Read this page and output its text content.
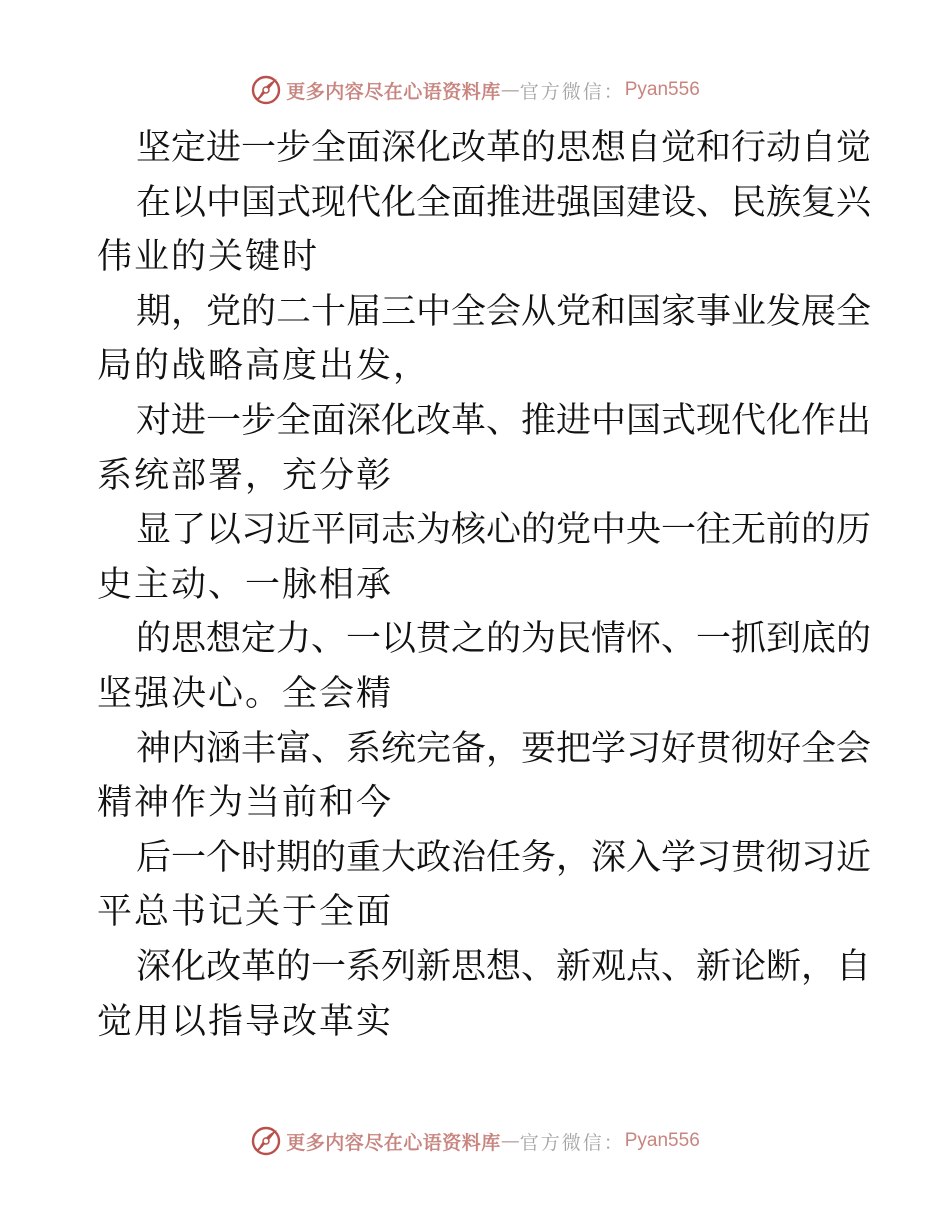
更多内容尽在心语资料库 — 官方微信： Pyan556
坚定进一步全面深化改革的思想自觉和行动自觉
在以中国式现代化全面推进强国建设、民族复兴
伟业的关键时
期，党的二十届三中全会从党和国家事业发展全
局的战略高度出发，
对进一步全面深化改革、推进中国式现代化作出
系统部署，充分彰
显了以习近平同志为核心的党中央一往无前的历
史主动、一脉相承
的思想定力、一以贯之的为民情怀、一抓到底的
坚强决心。全会精
神内涵丰富、系统完备，要把学习好贯彻好全会
精神作为当前和今
后一个时期的重大政治任务，深入学习贯彻习近
平总书记关于全面
深化改革的一系列新思想、新观点、新论断，自
觉用以指导改革实
更多内容尽在心语资料库 — 官方微信： Pyan556
